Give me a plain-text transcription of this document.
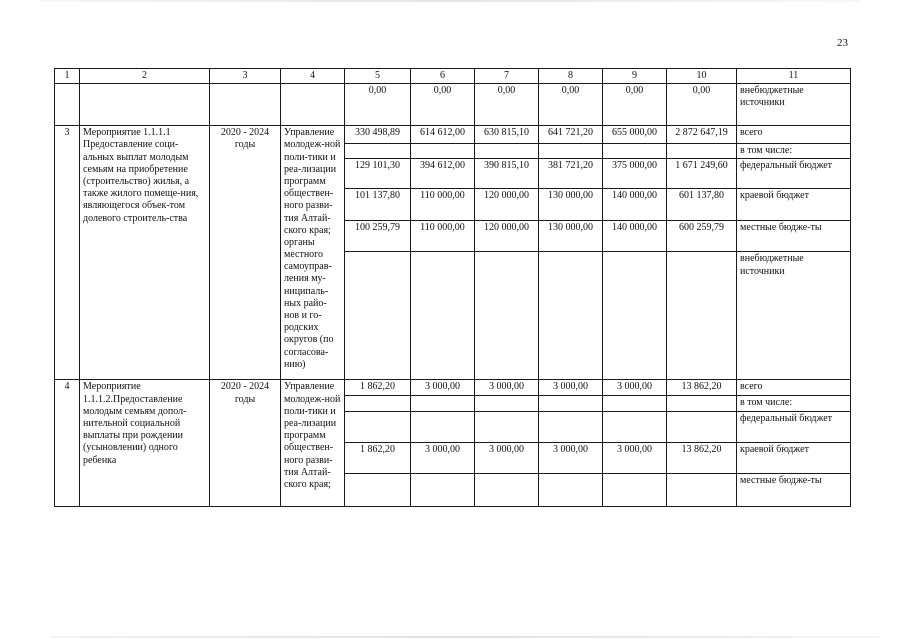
23
1	2	3	4	5	6	7	8	9	10	11
				0,00	0,00	0,00	0,00	0,00	0,00	внебюджетные источники
3	Мероприятие 1.1.1.1 Предоставление соци-альных выплат молодым семьям на приобретение (строительство) жилья, а также жилого помеще-ния, являющегося объек-том долевого строитель-ства	2020 - 2024 годы	Управление молодеж-ной поли-тики и реа-лизации программ обществен-ного разви-тия Алтай-ского края; органы местного самоуправ-ления му-ниципаль-ных райо-нов и го-родских округов (по согласова-нию)	330 498,89	614 612,00	630 815,10	641 721,20	655 000,00	2 872 647,19	всего
										в том числе:
				129 101,30	394 612,00	390 815,10	381 721,20	375 000,00	1 671 249,60	федеральный бюджет
				101 137,80	110 000,00	120 000,00	130 000,00	140 000,00	601 137,80	краевой бюджет
				100 259,79	110 000,00	120 000,00	130 000,00	140 000,00	600 259,79	местные бюдже-ты
										внебюджетные источники
4	Мероприятие 1.1.1.2.Предоставление молодым семьям допол-нительной социальной выплаты при рождении (усыновлении) одного ребенка	2020 - 2024 годы	Управление молодеж-ной поли-тики и реа-лизации программ обществен-ного разви-тия Алтай-ского края;	1 862,20	3 000,00	3 000,00	3 000,00	3 000,00	13 862,20	всего
										в том числе:
										федеральный бюджет
				1 862,20	3 000,00	3 000,00	3 000,00	3 000,00	13 862,20	краевой бюджет
										местные бюдже-ты
